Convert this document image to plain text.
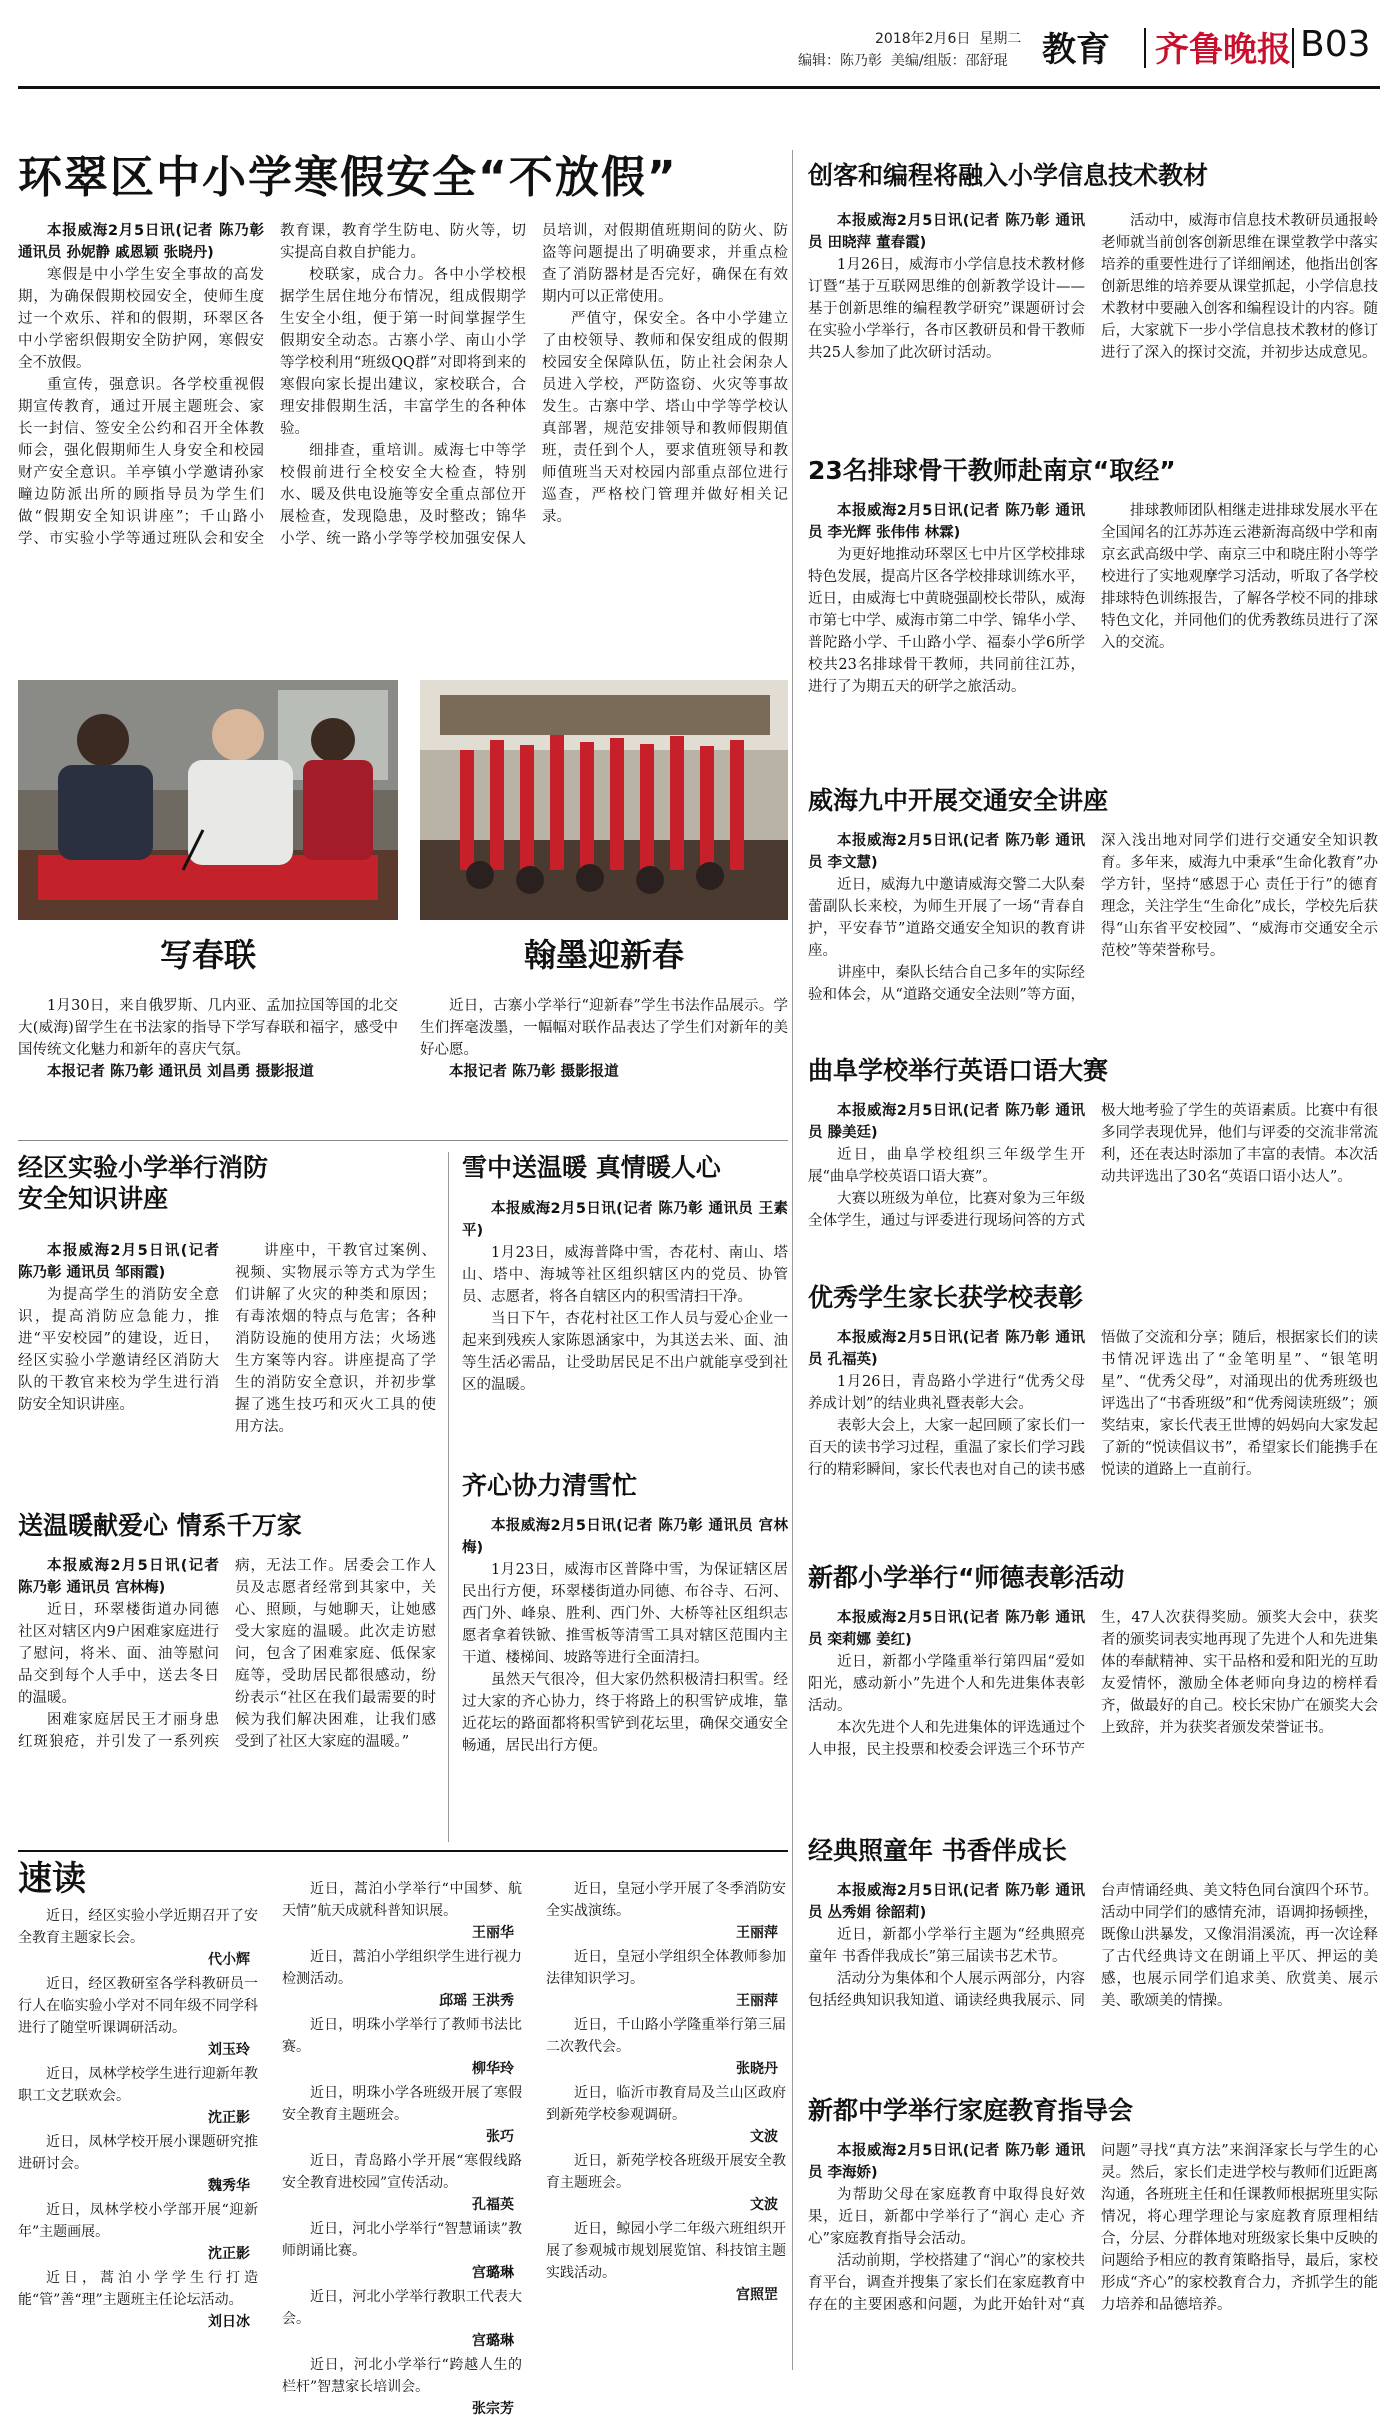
2018年2月6日 星期二
编辑：陈乃彰 美编/组版：邵舒琨 教育 齐鲁晚报 B03
环翠区中小学寒假安全“不放假”

本报威海2月5日讯(记者 陈乃彰 通讯员 孙妮静 戚恩颖 张晓丹)

寒假是中小学生安全事故的高发期，为确保假期校园安全，使师生度过一个欢乐、祥和的假期，环翠区各中小学密织假期安全防护网，寒假安全不放假。

重宣传，强意识。各学校重视假期宣传教育，通过开展主题班会、家长一封信、签安全公约和召开全体教师会，强化假期师生人身安全和校园财产安全意识。羊亭镇小学邀请孙家疃边防派出所的顾指导员为学生们做“假期安全知识讲座”；千山路小学、市实验小学等通过班队会和安全教育课，教育学生防电、防火等，切实提高自救自护能力。

校联家，成合力。各中小学校根据学生居住地分布情况，组成假期学生安全小组，便于第一时间掌握学生假期安全动态。古寨小学、南山小学等学校利用“班级QQ群”对即将到来的寒假向家长提出建议，家校联合，合理安排假期生活，丰富学生的各种体验。

细排查，重培训。威海七中等学校假前进行全校安全大检查，特别水、暖及供电设施等安全重点部位开展检查，发现隐患，及时整改；锦华小学、统一路小学等学校加强安保人员培训，对假期值班期间的防火、防盗等问题提出了明确要求，并重点检查了消防器材是否完好，确保在有效期内可以正常使用。

严值守，保安全。各中小学建立了由校领导、教师和保安组成的假期校园安全保障队伍，防止社会闲杂人员进入学校，严防盗窃、火灾等事故发生。古寨中学、塔山中学等学校认真部署，规范安排领导和教师假期值班，责任到个人，要求值班领导和教师值班当天对校园内部重点部位进行巡查，严格校门管理并做好相关记录。

写春联	翰墨迎新春

1月30日，来自俄罗斯、几内亚、孟加拉国等国的北交大(威海)留学生在书法家的指导下学写春联和福字，感受中国传统文化魅力和新年的喜庆气氛。

本报记者 陈乃彰 通讯员 刘昌勇 摄影报道

近日，古寨小学举行“迎新春”学生书法作品展示。学生们挥毫泼墨，一幅幅对联作品表达了学生们对新年的美好心愿。

本报记者 陈乃彰 摄影报道

经区实验小学举行消防安全知识讲座

本报威海2月5日讯(记者 陈乃彰 通讯员 邹雨霞)

为提高学生的消防安全意识，提高消防应急能力，推进“平安校园”的建设，近日，经区实验小学邀请经区消防大队的干教官来校为学生进行消防安全知识讲座。

讲座中，干教官过案例、视频、实物展示等方式为学生们讲解了火灾的种类和原因；有毒浓烟的特点与危害；各种消防设施的使用方法；火场逃生方案等内容。讲座提高了学生的消防安全意识，并初步掌握了逃生技巧和灭火工具的使用方法。

送温暖献爱心 情系千万家

本报威海2月5日讯(记者 陈乃彰 通讯员 宫林梅)

近日，环翠楼街道办同德社区对辖区内9户困难家庭进行了慰问，将米、面、油等慰问品交到每个人手中，送去冬日的温暖。

困难家庭居民王才丽身患红斑狼疮，并引发了一系列疾病，无法工作。居委会工作人员及志愿者经常到其家中，关心、照顾，与她聊天，让她感受大家庭的温暖。此次走访慰问，包含了困难家庭、低保家庭等，受助居民都很感动，纷纷表示“社区在我们最需要的时候为我们解决困难，让我们感受到了社区大家庭的温暖。”

雪中送温暖 真情暖人心

本报威海2月5日讯(记者 陈乃彰 通讯员 王素平)

1月23日，威海普降中雪，杏花村、南山、塔山、塔中、海城等社区组织辖区内的党员、协管员、志愿者，将各自辖区内的积雪清扫干净。

当日下午，杏花村社区工作人员与爱心企业一起来到残疾人家陈恩涵家中，为其送去米、面、油等生活必需品，让受助居民足不出户就能享受到社区的温暖。

齐心协力清雪忙

本报威海2月5日讯(记者 陈乃彰 通讯员 宫林梅)

1月23日，威海市区普降中雪，为保证辖区居民出行方便，环翠楼街道办同德、布谷寺、石河、西门外、峰泉、胜利、西门外、大桥等社区组织志愿者拿着铁锨、推雪板等清雪工具对辖区范围内主干道、楼梯间、坡路等进行全面清扫。

虽然天气很冷，但大家仍然积极清扫积雪。经过大家的齐心协力，终于将路上的积雪铲成堆，靠近花坛的路面都将积雪铲到花坛里，确保交通安全畅通，居民出行方便。

速读

近日，经区实验小学近期召开了安全教育主题家长会。

代小辉

近日，经区教研室各学科教研员一行人在临实验小学对不同年级不同学科进行了随堂听课调研活动。

刘玉玲

近日，凤林学校学生进行迎新年教职工文艺联欢会。

沈正影

近日，凤林学校开展小课题研究推进研讨会。

魏秀华

近日，凤林学校小学部开展“迎新年”主题画展。

沈正影

近日，蒿泊小学学生行打造能“管”善“理”主题班主任论坛活动。

刘日冰

近日，蒿泊小学举行“中国梦、航天情”航天成就科普知识展。

王丽华

近日，蒿泊小学组织学生进行视力检测活动。

邱瑶 王洪秀

近日，明珠小学举行了教师书法比赛。

柳华玲

近日，明珠小学各班级开展了寒假安全教育主题班会。

张巧

近日，青岛路小学开展“寒假线路安全教育进校园”宣传活动。

孔福英

近日，河北小学举行“智慧诵读”教师朗诵比赛。

宫璐琳

近日，河北小学举行教职工代表大会。

宫璐琳

近日，河北小学举行“跨越人生的栏杆”智慧家长培训会。

张宗芳

近日，皇冠小学开展了冬季消防安全实战演练。

王丽萍

近日，皇冠小学组织全体教师参加法律知识学习。

王丽萍

近日，千山路小学隆重举行第三届二次教代会。

张晓丹

近日，临沂市教育局及兰山区政府到新苑学校参观调研。

文波

近日，新苑学校各班级开展安全教育主题班会。

文波

近日，鲸园小学二年级六班组织开展了参观城市规划展览馆、科技馆主题实践活动。

宫照罡
创客和编程将融入小学信息技术教材

本报威海2月5日讯(记者 陈乃彰 通讯员 田晓萍 董春霞)

1月26日，威海市小学信息技术教材修订暨“基于互联网思维的创新教学设计——基于创新思维的编程教学研究”课题研讨会在实验小学举行，各市区教研员和骨干教师共25人参加了此次研讨活动。

活动中，威海市信息技术教研员通报岭老师就当前创客创新思维在课堂教学中落实培养的重要性进行了详细阐述，他指出创客创新思维的培养要从课堂抓起，小学信息技术教材中要融入创客和编程设计的内容。随后，大家就下一步小学信息技术教材的修订进行了深入的探讨交流，并初步达成意见。

23名排球骨干教师赴南京“取经”

本报威海2月5日讯(记者 陈乃彰 通讯员 李光辉 张伟伟 林霖)

为更好地推动环翠区七中片区学校排球特色发展，提高片区各学校排球训练水平，近日，由威海七中黄晓强副校长带队，威海市第七中学、威海市第二中学、锦华小学、普陀路小学、千山路小学、福泰小学6所学校共23名排球骨干教师，共同前往江苏，进行了为期五天的研学之旅活动。

排球教师团队相继走进排球发展水平在全国闻名的江苏苏连云港新海高级中学和南京玄武高级中学、南京三中和晓庄附小等学校进行了实地观摩学习活动，听取了各学校排球特色训练报告，了解各学校不同的排球特色文化，并同他们的优秀教练员进行了深入的交流。

威海九中开展交通安全讲座

本报威海2月5日讯(记者 陈乃彰 通讯员 李文慧)

近日，威海九中邀请威海交警二大队秦蕾副队长来校，为师生开展了一场“青春自护，平安春节”道路交通安全知识的教育讲座。

讲座中，秦队长结合自己多年的实际经验和体会，从“道路交通安全法则”等方面，深入浅出地对同学们进行交通安全知识教育。多年来，威海九中秉承“生命化教育”办学方针，坚持“感恩于心 责任于行”的德育理念，关注学生“生命化”成长，学校先后获得“山东省平安校园”、“威海市交通安全示范校”等荣誉称号。

曲阜学校举行英语口语大赛

本报威海2月5日讯(记者 陈乃彰 通讯员 滕美廷)

近日，曲阜学校组织三年级学生开展“曲阜学校英语口语大赛”。

大赛以班级为单位，比赛对象为三年级全体学生，通过与评委进行现场问答的方式极大地考验了学生的英语素质。比赛中有很多同学表现优异，他们与评委的交流非常流利，还在表达时添加了丰富的表情。本次活动共评选出了30名“英语口语小达人”。

优秀学生家长获学校表彰

本报威海2月5日讯(记者 陈乃彰 通讯员 孔福英)

1月26日，青岛路小学进行“优秀父母养成计划”的结业典礼暨表彰大会。

表彰大会上，大家一起回顾了家长们一百天的读书学习过程，重温了家长们学习践行的精彩瞬间，家长代表也对自己的读书感悟做了交流和分享；随后，根据家长们的读书情况评选出了“金笔明星”、“银笔明星”、“优秀父母”，对涌现出的优秀班级也评选出了“书香班级”和“优秀阅读班级”；颁奖结束，家长代表王世博的妈妈向大家发起了新的“悦读倡议书”，希望家长们能携手在悦读的道路上一直前行。

新都小学举行“师德表彰活动

本报威海2月5日讯(记者 陈乃彰 通讯员 栾莉娜 姜红)

近日，新都小学隆重举行第四届“爱如阳光，感动新小”先进个人和先进集体表彰活动。

本次先进个人和先进集体的评选通过个人申报，民主投票和校委会评选三个环节产生，47人次获得奖励。颁奖大会中，获奖者的颁奖词表实地再现了先进个人和先进集体的奉献精神、实干品格和爱和阳光的互助友爱情怀，激励全体老师向身边的榜样看齐，做最好的自己。校长宋协广在颁奖大会上致辞，并为获奖者颁发荣誉证书。

经典照童年 书香伴成长

本报威海2月5日讯(记者 陈乃彰 通讯员 丛秀娟 徐韶莉)

近日，新都小学举行主题为“经典照亮童年 书香伴我成长”第三届读书艺术节。

活动分为集体和个人展示两部分，内容包括经典知识我知道、诵读经典我展示、同台声情诵经典、美文特色同台演四个环节。活动中同学们的感情充沛，语调抑扬顿挫，既像山洪暴发，又像涓涓溪流，再一次诠释了古代经典诗文在朗诵上平仄、押运的美感，也展示同学们追求美、欣赏美、展示美、歌颂美的情操。

新都中学举行家庭教育指导会

本报威海2月5日讯(记者 陈乃彰 通讯员 李海娇)

为帮助父母在家庭教育中取得良好效果，近日，新都中学举行了“润心 走心 齐心”家庭教育指导会活动。

活动前期，学校搭建了“润心”的家校共育平台，调查并搜集了家长们在家庭教育中存在的主要困惑和问题，为此开始针对“真问题”寻找“真方法”来润泽家长与学生的心灵。然后，家长们走进学校与教师们近距离沟通，各班班主任和任课教师根据班里实际情况，将心理学理论与家庭教育原理相结合，分层、分群体地对班级家长集中反映的问题给予相应的教育策略指导，最后，家校形成“齐心”的家校教育合力，齐抓学生的能力培养和品德培养。
